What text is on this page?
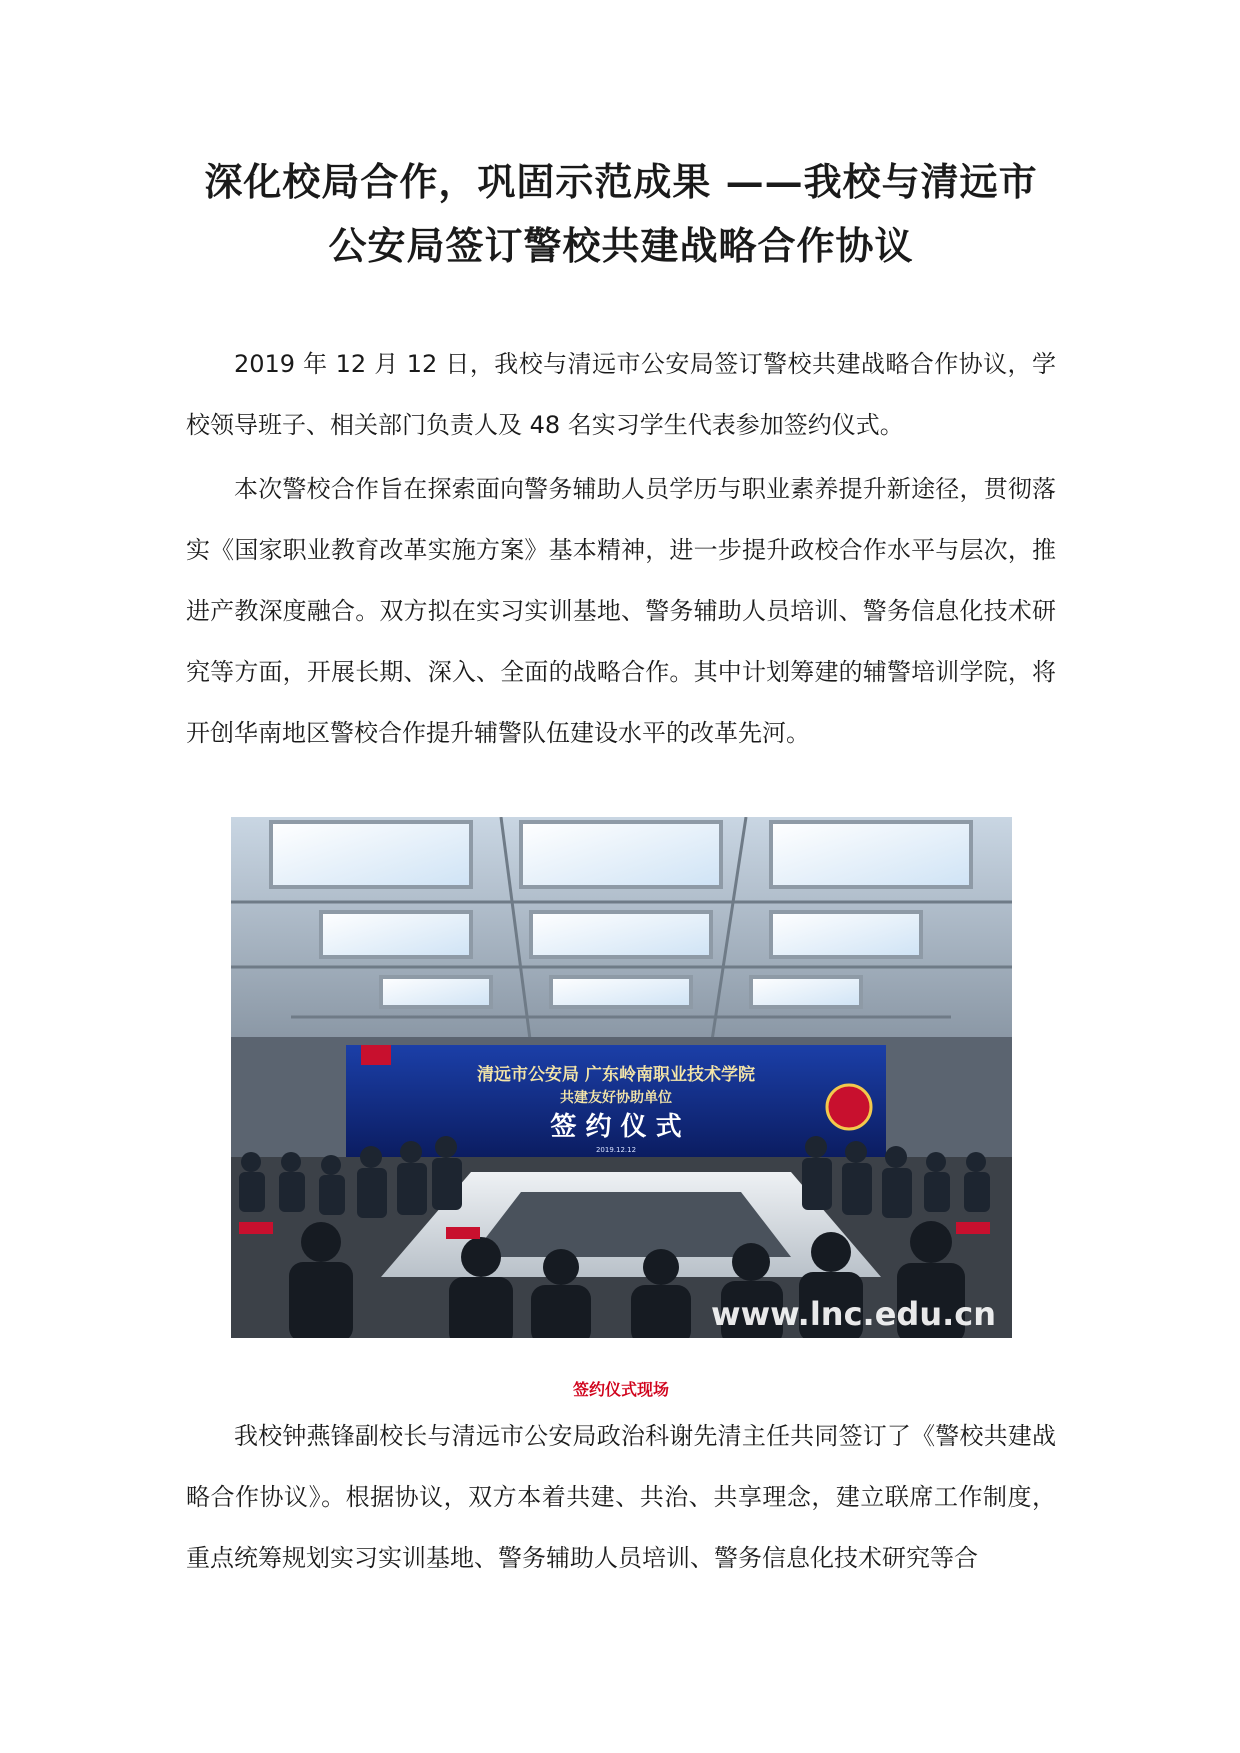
深化校局合作，巩固示范成果 ——我校与清远市公安局签订警校共建战略合作协议

2019 年 12 月 12 日，我校与清远市公安局签订警校共建战略合作协议，学校领导班子、相关部门负责人及 48 名实习学生代表参加签约仪式。

本次警校合作旨在探索面向警务辅助人员学历与职业素养提升新途径，贯彻落实《国家职业教育改革实施方案》基本精神，进一步提升政校合作水平与层次，推进产教深度融合。双方拟在实习实训基地、警务辅助人员培训、警务信息化技术研究等方面，开展长期、深入、全面的战略合作。其中计划筹建的辅警培训学院，将开创华南地区警校合作提升辅警队伍建设水平的改革先河。

清远市公安局 广东岭南职业技术学院
共建友好协助单位
签 约 仪 式
2019.12.12
www.lnc.edu.cn

签约仪式现场

我校钟燕锋副校长与清远市公安局政治科谢先清主任共同签订了《警校共建战略合作协议》。根据协议，双方本着共建、共治、共享理念，建立联席工作制度，重点统筹规划实习实训基地、警务辅助人员培训、警务信息化技术研究等合
